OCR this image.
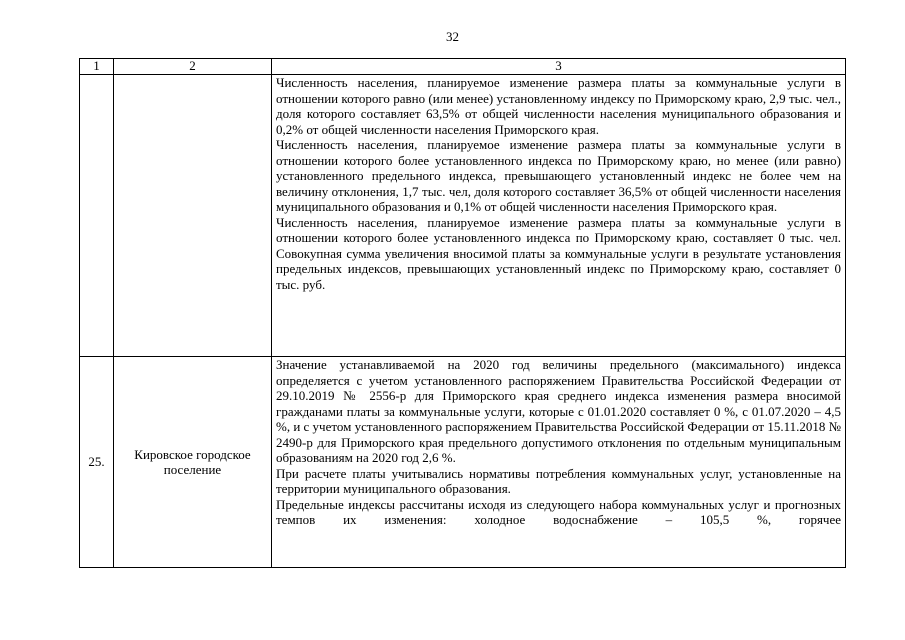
32
1	2	3

		Численность населения, планируемое изменение размера платы за коммунальные услуги в отношении которого равно (или менее) установленному индексу по Приморскому краю, 2,9 тыс. чел., доля которого составляет 63,5% от общей численности населения муниципального образования и 0,2% от общей численности населения Приморского края.

Численность населения, планируемое изменение размера платы за коммунальные услуги в отношении которого более установленного индекса по Приморскому краю, но менее (или равно) установленного предельного индекса, превышающего установленный индекс не более чем на величину отклонения, 1,7 тыс. чел, доля которого составляет 36,5% от общей численности населения муниципального образования и 0,1% от общей численности населения Приморского края.

Численность населения, планируемое изменение размера платы за коммунальные услуги в отношении которого более установленного индекса по Приморскому краю, составляет 0 тыс. чел. Совокупная сумма увеличения вносимой платы за коммунальные услуги в результате установления предельных индексов, превышающих установленный индекс по Приморскому краю, составляет 0 тыс. руб.

25.	Кировское городское поселение	Значение устанавливаемой на 2020 год величины предельного (максимального) индекса определяется с учетом установленного распоряжением Правительства Российской Федерации от 29.10.2019 № 2556-р для Приморского края среднего индекса изменения размера вносимой гражданами платы за коммунальные услуги, которые с 01.01.2020 составляет 0 %, с 01.07.2020 – 4,5 %, и с учетом установленного распоряжением Правительства Российской Федерации от 15.11.2018 № 2490-р для Приморского края предельного допустимого отклонения по отдельным муниципальным образованиям на 2020 год 2,6 %.

При расчете платы учитывались нормативы потребления коммунальных услуг, установленные на территории муниципального образования.

Предельные индексы рассчитаны исходя из следующего набора коммунальных услуг и прогнозных темпов их изменения: холодное водоснабжение – 105,5 %, горячее
